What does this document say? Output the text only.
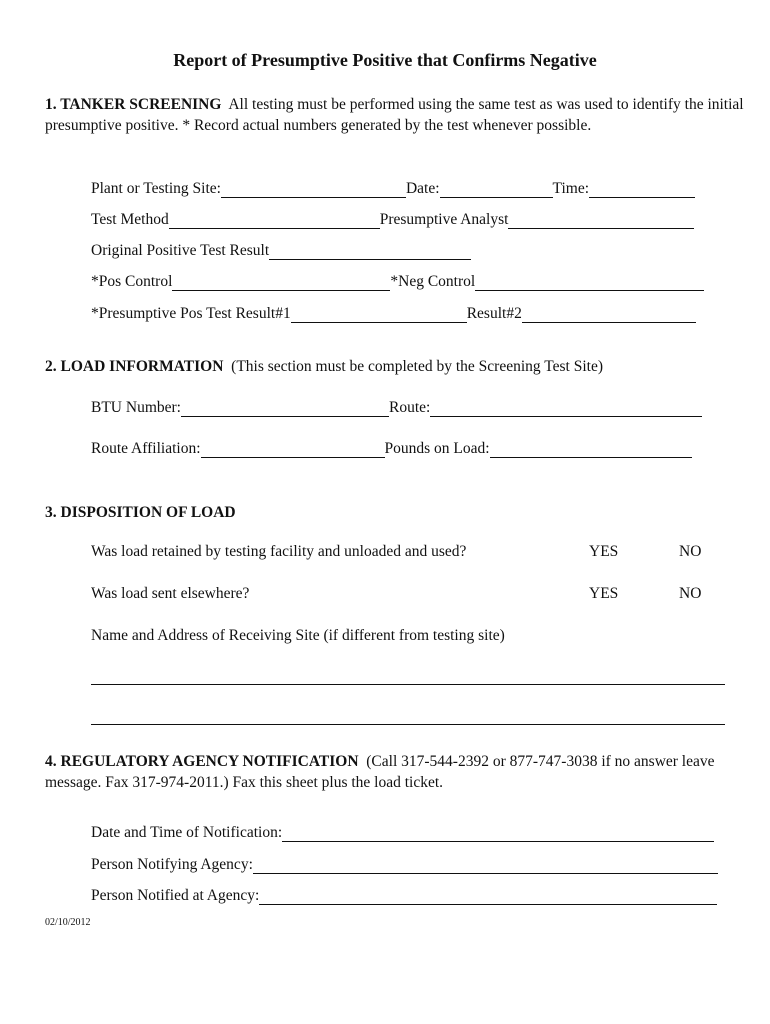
Report of Presumptive Positive that Confirms Negative
1. TANKER SCREENING All testing must be performed using the same test as was used to identify the initial presumptive positive. * Record actual numbers generated by the test whenever possible.
Plant or Testing Site:	Date:	Time:
Test Method	Presumptive Analyst
Original Positive Test Result
*Pos Control	*Neg Control
*Presumptive Pos Test Result#1	Result#2
2. LOAD INFORMATION (This section must be completed by the Screening Test Site)
BTU Number:	Route:
Route Affiliation:	Pounds on Load:
3. DISPOSITION OF LOAD
Was load retained by testing facility and unloaded and used?	YES	NO
Was load sent elsewhere?	YES	NO
Name and Address of Receiving Site (if different from testing site)
4. REGULATORY AGENCY NOTIFICATION (Call 317-544-2392 or 877-747-3038 if no answer leave message. Fax 317-974-2011.) Fax this sheet plus the load ticket.
Date and Time of Notification:
Person Notifying Agency:
Person Notified at Agency:
02/10/2012
